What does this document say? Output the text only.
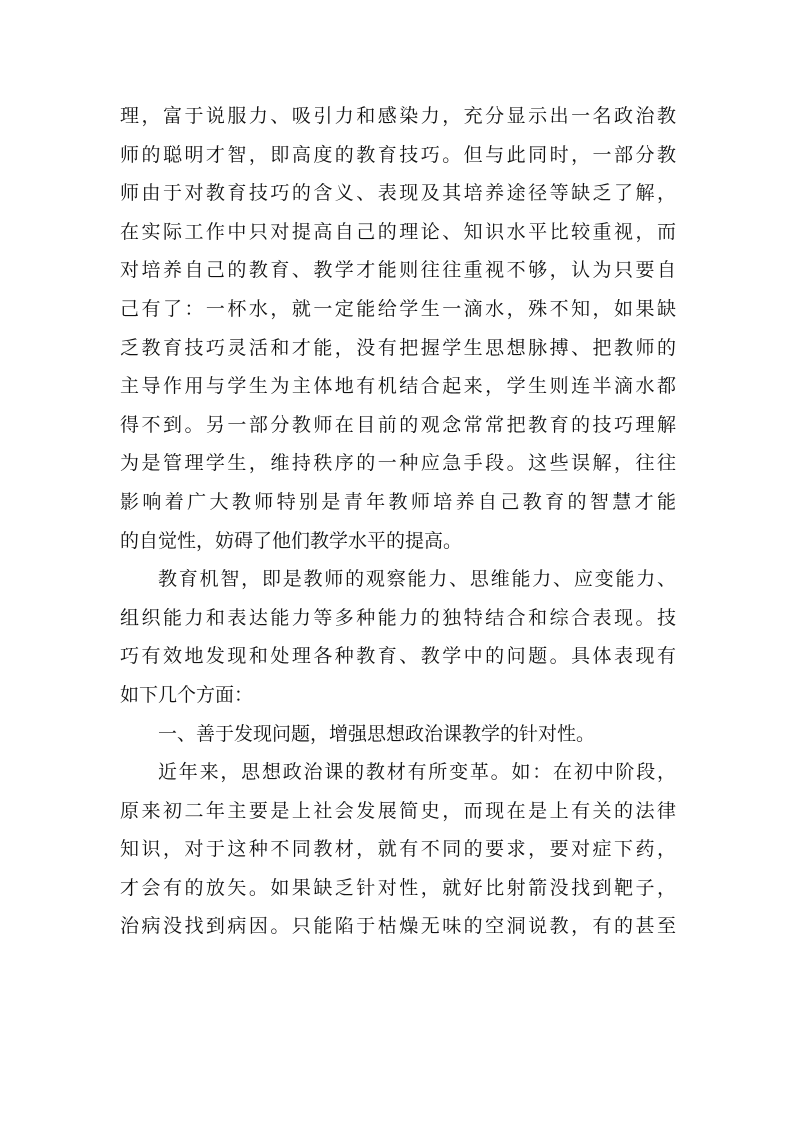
理，富于说服力、吸引力和感染力，充分显示出一名政治教
师的聪明才智，即高度的教育技巧。但与此同时，一部分教
师由于对教育技巧的含义、表现及其培养途径等缺乏了解，
在实际工作中只对提高自己的理论、知识水平比较重视，而
对培养自己的教育、教学才能则往往重视不够，认为只要自
己有了：一杯水，就一定能给学生一滴水，殊不知，如果缺
乏教育技巧灵活和才能，没有把握学生思想脉搏、把教师的
主导作用与学生为主体地有机结合起来，学生则连半滴水都
得不到。另一部分教师在目前的观念常常把教育的技巧理解
为是管理学生，维持秩序的一种应急手段。这些误解，往往
影响着广大教师特别是青年教师培养自己教育的智慧才能
的自觉性，妨碍了他们教学水平的提高。
教育机智，即是教师的观察能力、思维能力、应变能力、
组织能力和表达能力等多种能力的独特结合和综合表现。技
巧有效地发现和处理各种教育、教学中的问题。具体表现有
如下几个方面：
一、善于发现问题，增强思想政治课教学的针对性。
近年来，思想政治课的教材有所变革。如：在初中阶段，
原来初二年主要是上社会发展简史，而现在是上有关的法律
知识，对于这种不同教材，就有不同的要求，要对症下药，
才会有的放矢。如果缺乏针对性，就好比射箭没找到靶子，
治病没找到病因。只能陷于枯燥无味的空洞说教，有的甚至
